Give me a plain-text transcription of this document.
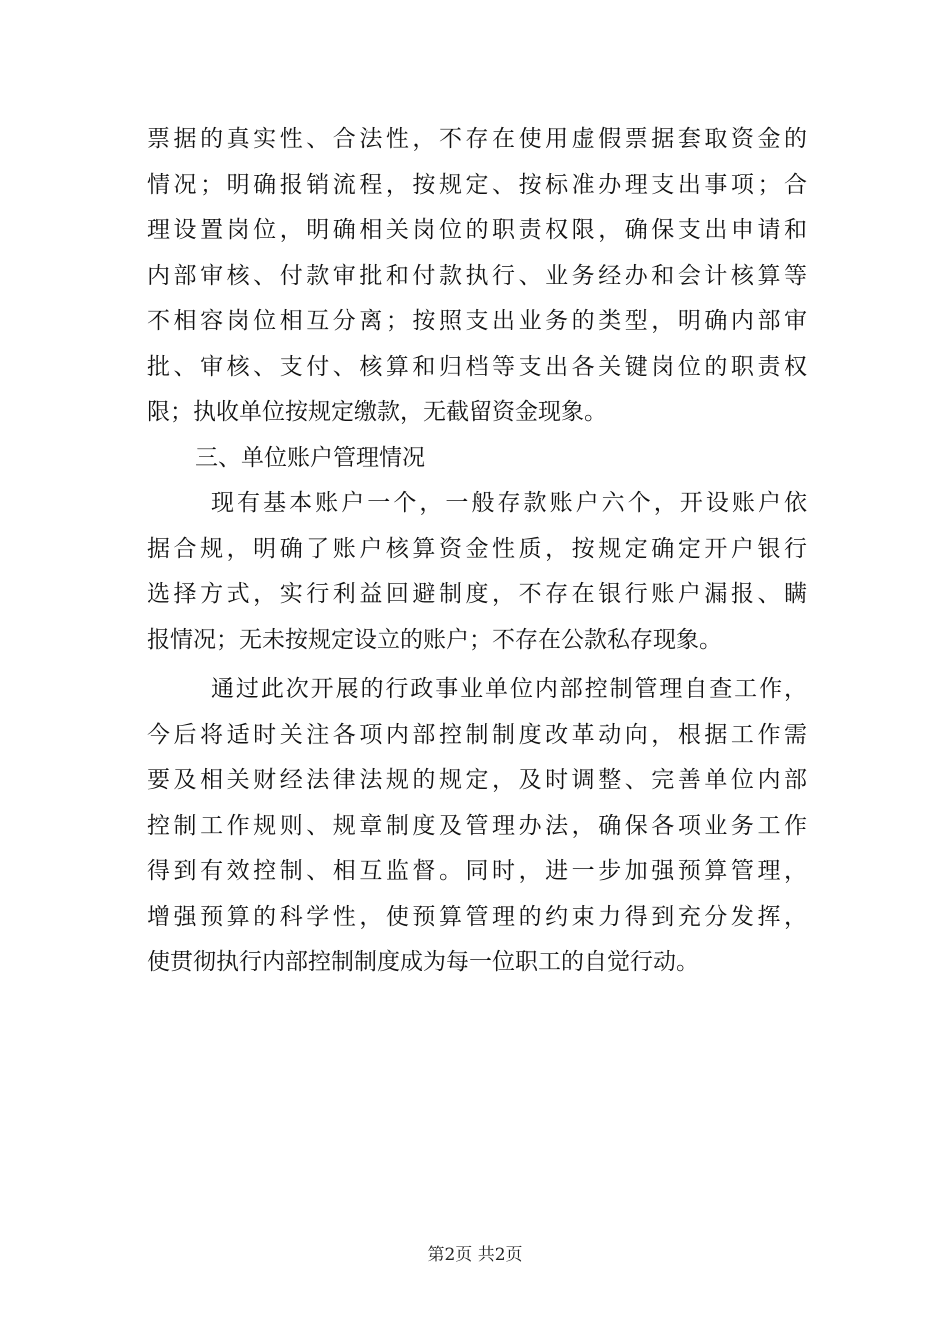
票据的真实性、合法性，不存在使用虚假票据套取资金的
情况；明确报销流程，按规定、按标准办理支出事项；合
理设置岗位，明确相关岗位的职责权限，确保支出申请和
内部审核、付款审批和付款执行、业务经办和会计核算等
不相容岗位相互分离；按照支出业务的类型，明确内部审
批、审核、支付、核算和归档等支出各关键岗位的职责权
限；执收单位按规定缴款，无截留资金现象。
三、单位账户管理情况
现有基本账户一个，一般存款账户六个，开设账户依
据合规，明确了账户核算资金性质，按规定确定开户银行
选择方式，实行利益回避制度，不存在银行账户漏报、瞒
报情况；无未按规定设立的账户；不存在公款私存现象。
通过此次开展的行政事业单位内部控制管理自查工作，
今后将适时关注各项内部控制制度改革动向，根据工作需
要及相关财经法律法规的规定，及时调整、完善单位内部
控制工作规则、规章制度及管理办法，确保各项业务工作
得到有效控制、相互监督。同时，进一步加强预算管理，
增强预算的科学性，使预算管理的约束力得到充分发挥，
使贯彻执行内部控制制度成为每一位职工的自觉行动。
第2页 共2页
